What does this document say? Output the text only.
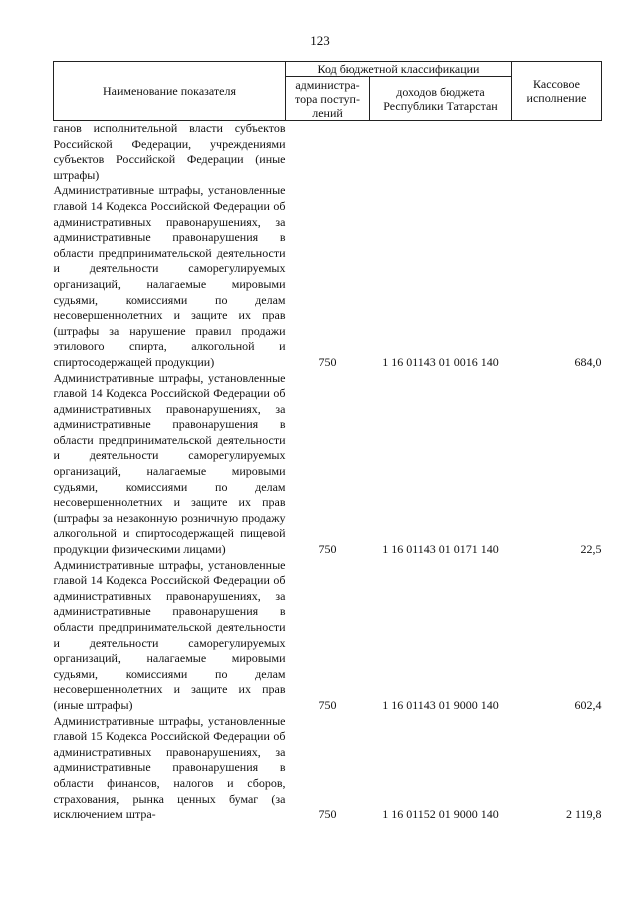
123
Наименование показателя	Код бюджетной классификации		Кассовое исполнение
	администра-тора поступ-лений	доходов бюджета Республики Татарстан	
ганов исполнительной власти субъектов Российской Федерации, учреждениями субъектов Российской Федерации (иные штрафы)			
Административные штрафы, установленные главой 14 Кодекса Российской Федерации об административных правонарушениях, за административные правонарушения в области предпринимательской деятельности и деятельности саморегулируемых организаций, налагаемые мировыми судьями, комиссиями по делам несовершеннолетних и защите их прав (штрафы за нарушение правил продажи этилового спирта, алкогольной и спиртосодержащей продукции)	750	1 16 01143 01 0016 140	684,0
Административные штрафы, установленные главой 14 Кодекса Российской Федерации об административных правонарушениях, за административные правонарушения в области предпринимательской деятельности и деятельности саморегулируемых организаций, налагаемые мировыми судьями, комиссиями по делам несовершеннолетних и защите их прав (штрафы за незаконную розничную продажу алкогольной и спиртосодержащей пищевой продукции физическими лицами)	750	1 16 01143 01 0171 140	22,5
Административные штрафы, установленные главой 14 Кодекса Российской Федерации об административных правонарушениях, за административные правонарушения в области предпринимательской деятельности и деятельности саморегулируемых организаций, налагаемые мировыми судьями, комиссиями по делам несовершеннолетних и защите их прав (иные штрафы)	750	1 16 01143 01 9000 140	602,4
Административные штрафы, установленные главой 15 Кодекса Российской Федерации об административных правонарушениях, за административные правонарушения в области финансов, налогов и сборов, страхования, рынка ценных бумаг (за исключением штра-	750	1 16 01152 01 9000 140	2 119,8
